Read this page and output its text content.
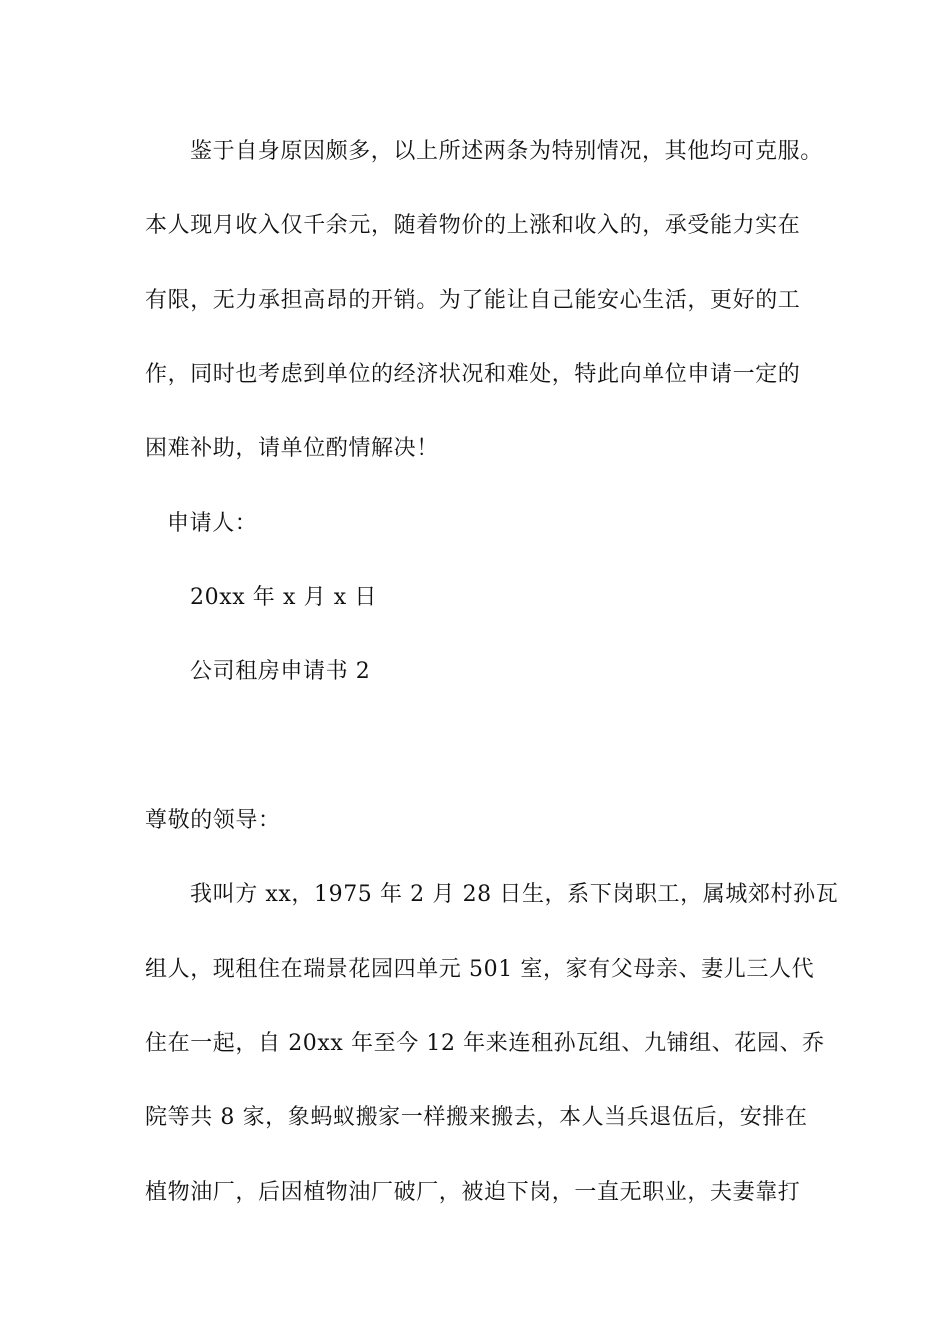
鉴于自身原因颇多，以上所述两条为特别情况，其他均可克服。
本人现月收入仅千余元，随着物价的上涨和收入的，承受能力实在
有限，无力承担高昂的开销。为了能让自己能安心生活，更好的工
作，同时也考虑到单位的经济状况和难处，特此向单位申请一定的
困难补助，请单位酌情解决！
申请人：
20xx 年 x 月 x 日
公司租房申请书 2
尊敬的领导：
我叫方 xx，1975 年 2 月 28 日生，系下岗职工，属城郊村孙瓦
组人，现租住在瑞景花园四单元 501 室，家有父母亲、妻儿三人代
住在一起，自 20xx 年至今 12 年来连租孙瓦组、九铺组、花园、乔
院等共 8 家，象蚂蚁搬家一样搬来搬去，本人当兵退伍后，安排在
植物油厂，后因植物油厂破厂，被迫下岗，一直无职业，夫妻靠打
